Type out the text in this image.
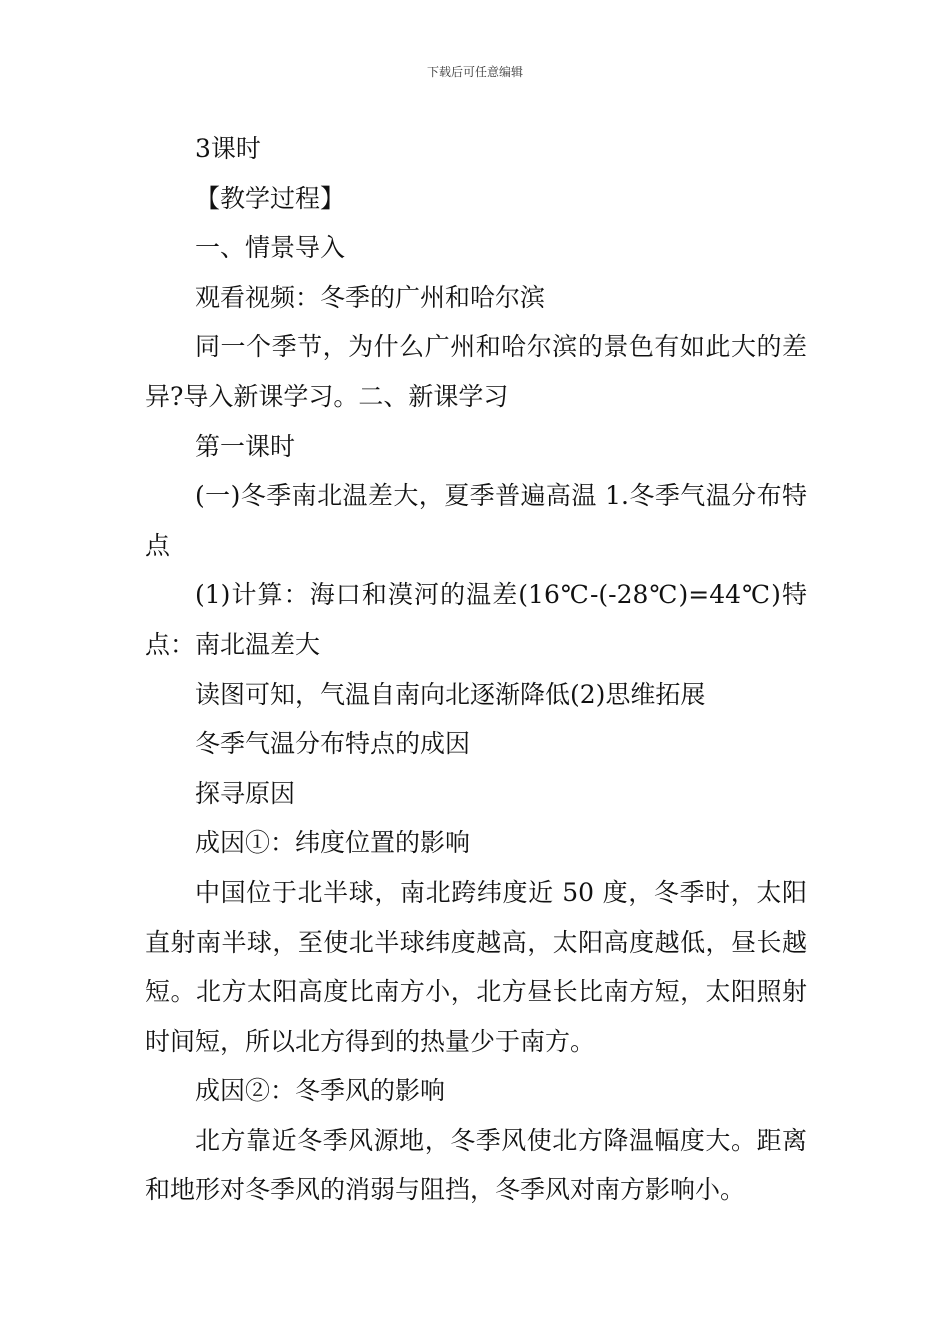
下载后可任意编辑

3课时

【教学过程】

一、情景导入

观看视频：冬季的广州和哈尔滨

同一个季节，为什么广州和哈尔滨的景色有如此大的差异?导入新课学习。二、新课学习

第一课时

(一)冬季南北温差大，夏季普遍高温 1.冬季气温分布特点

(1)计算：海口和漠河的温差(16℃-(-28℃)=44℃)特点：南北温差大

读图可知，气温自南向北逐渐降低(2)思维拓展

冬季气温分布特点的成因

探寻原因

成因①：纬度位置的影响

中国位于北半球，南北跨纬度近 50 度，冬季时，太阳直射南半球，至使北半球纬度越高，太阳高度越低，昼长越短。北方太阳高度比南方小，北方昼长比南方短，太阳照射时间短，所以北方得到的热量少于南方。

成因②：冬季风的影响

北方靠近冬季风源地，冬季风使北方降温幅度大。距离和地形对冬季风的消弱与阻挡，冬季风对南方影响小。
